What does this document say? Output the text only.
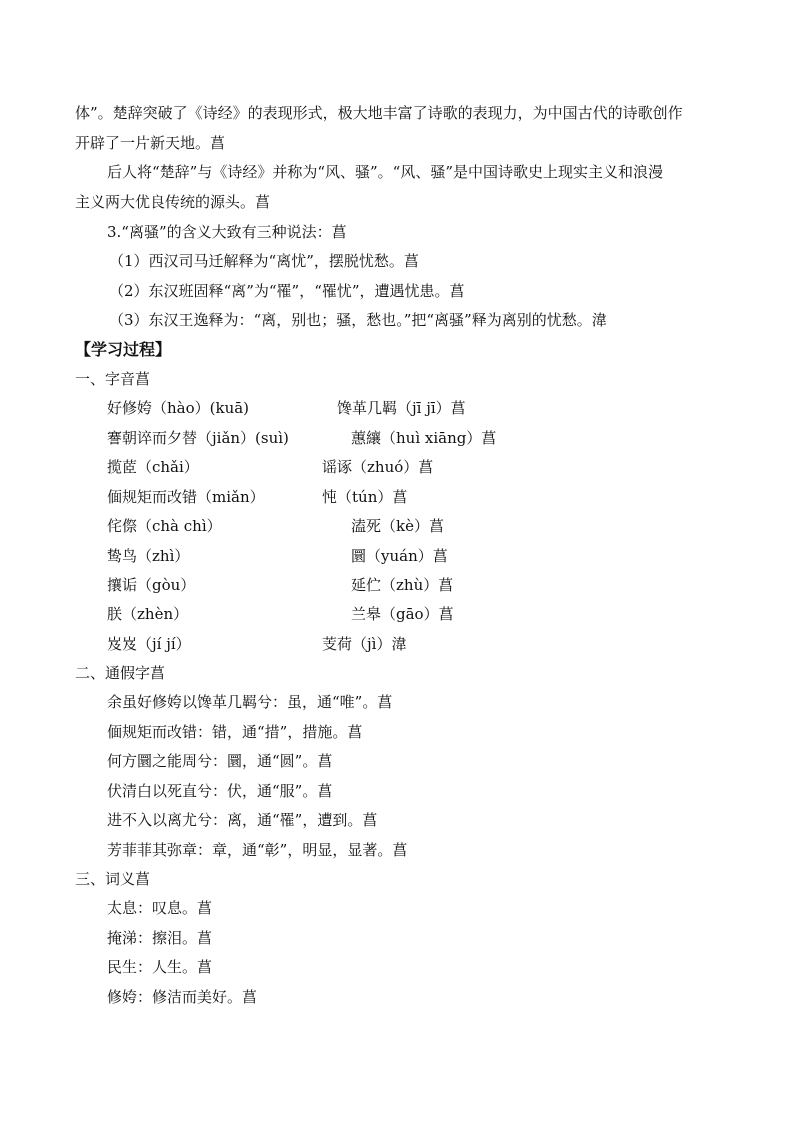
体”。楚辞突破了《诗经》的表现形式，极大地丰富了诗歌的表现力，为中国古代的诗歌创作
开辟了一片新天地。菖
后人将“楚辞”与《诗经》并称为“风、骚”。“风、骚”是中国诗歌史上现实主义和浪漫
主义两大优良传统的源头。菖
3.“离骚”的含义大致有三种说法：菖
（1）西汉司马迁解释为“离忧”，摆脱忧愁。菖
（2）东汉班固释“离”为“罹”，“罹忧”，遭遇忧患。菖
（3）东汉王逸释为：“离，别也；骚，愁也。”把“离骚”释为离别的忧愁。湋
【学习过程】
一、字音菖
好修姱（hào）(kuā)	馋革几羁（jī jī）菖
謇朝谇而夕替（jiǎn）(suì)	蕙纕（huì xiāng）菖
揽茝（chǎi）	谣诼（zhuó）菖
偭规矩而改错（miǎn）	忳（tún）菖
侘傺（chà chì）	溘死（kè）菖
鸷鸟（zhì）	圜（yuán）菖
攘诟（gòu）	延伫（zhù）菖
朕（zhèn）	兰皋（gāo）菖
岌岌（jí jí）	芰荷（jì）湋
二、通假字菖
余虽好修姱以馋革几羁兮：虽，通“唯”。菖
偭规矩而改错：错，通“措”，措施。菖
何方圜之能周兮：圜，通“圆”。菖
伏清白以死直兮：伏，通“服”。菖
进不入以离尤兮：离，通“罹”，遭到。菖
芳菲菲其弥章：章，通“彰”，明显，显著。菖
三、词义菖
太息：叹息。菖
掩涕：擦泪。菖
民生：人生。菖
修姱：修洁而美好。菖
